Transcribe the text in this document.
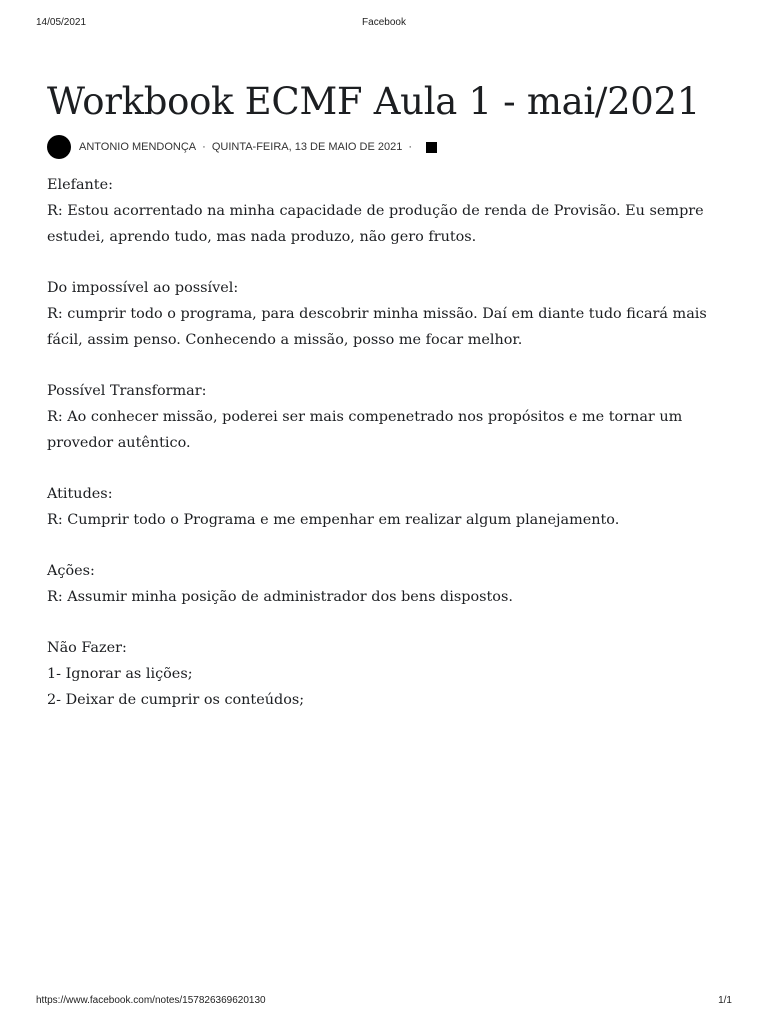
14/05/2021	Facebook
Workbook ECMF Aula 1 - mai/2021
ANTONIO MENDONÇA · QUINTA-FEIRA, 13 DE MAIO DE 2021 ·

Elefante:

R: Estou acorrentado na minha capacidade de produção de renda de Provisão. Eu sempre

estudei, aprendo tudo, mas nada produzo, não gero frutos.

Do impossível ao possível:

R: cumprir todo o programa, para descobrir minha missão. Daí em diante tudo ficará mais

fácil, assim penso. Conhecendo a missão, posso me focar melhor.

Possível Transformar:

R: Ao conhecer missão, poderei ser mais compenetrado nos propósitos e me tornar um

provedor autêntico.

Atitudes:

R: Cumprir todo o Programa e me empenhar em realizar algum planejamento.

Ações:

R: Assumir minha posição de administrador dos bens dispostos.

Não Fazer:

1- Ignorar as lições;

2- Deixar de cumprir os conteúdos;

https://www.facebook.com/notes/157826369620130	1/1
